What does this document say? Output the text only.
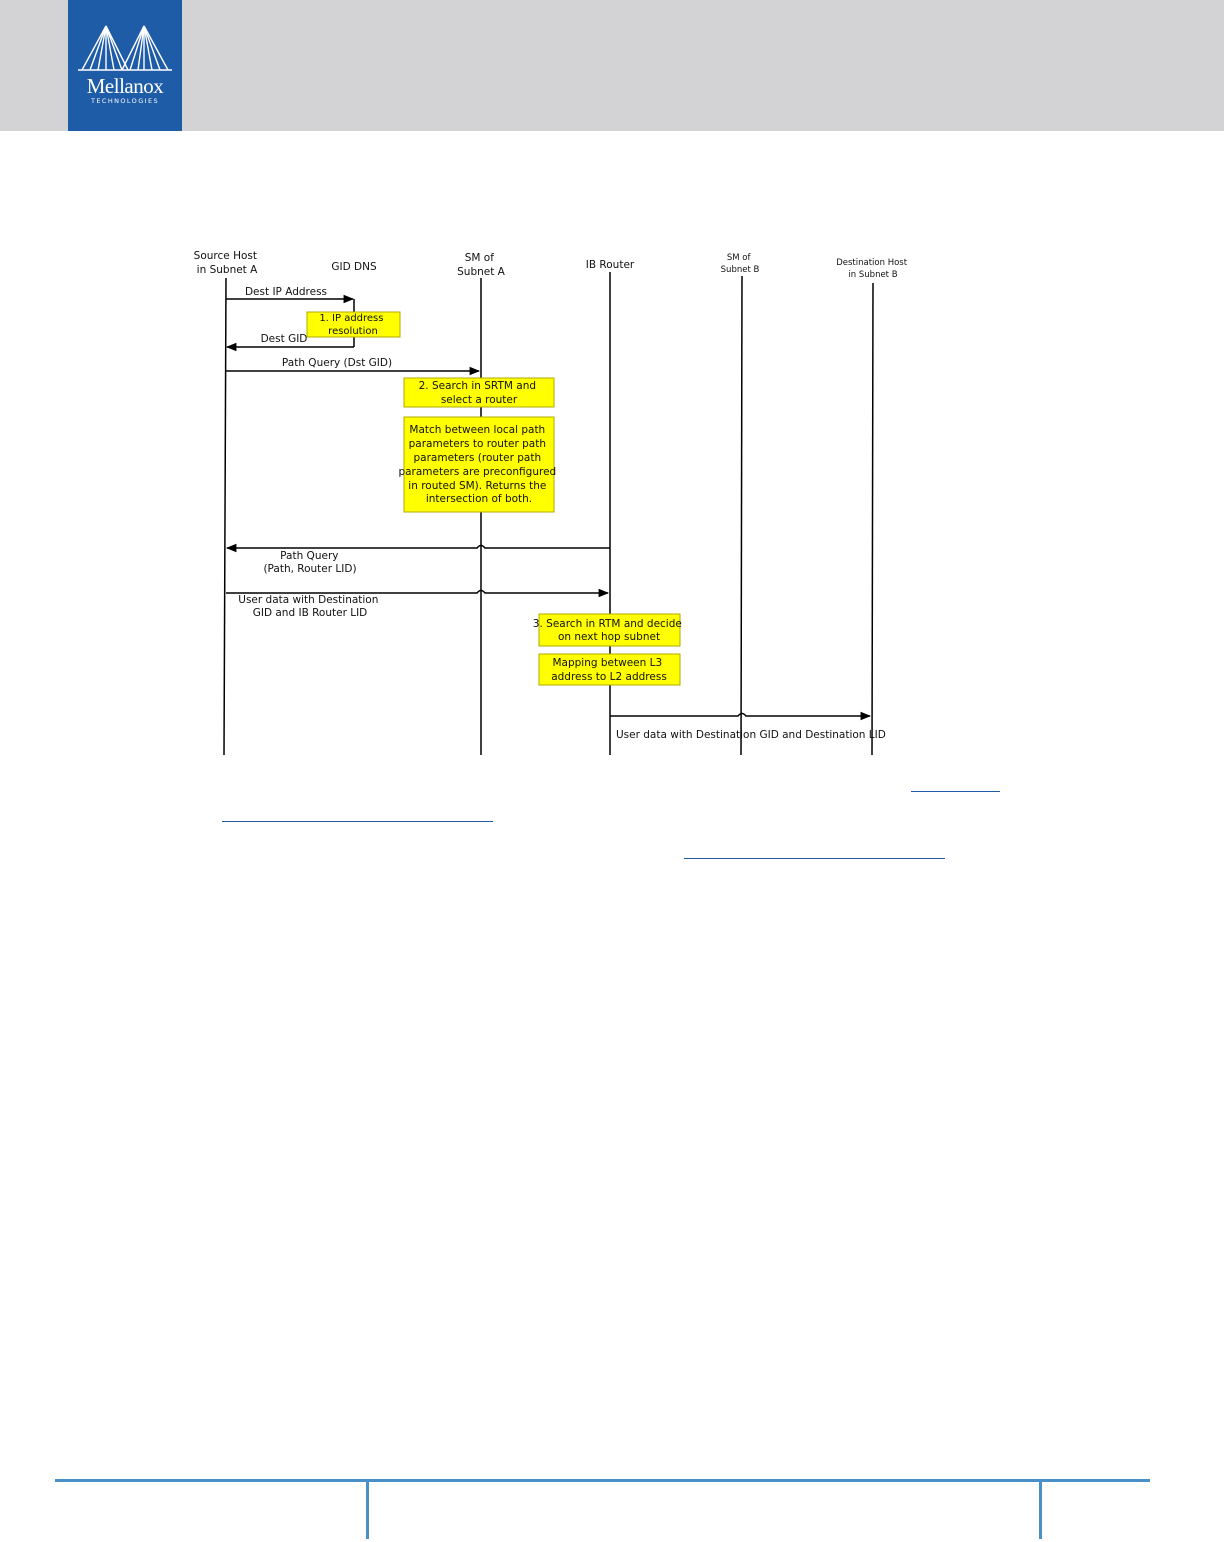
Mellanox
TECHNOLOGIES
Source Host in Subnet A	GID DNS
SM of Subnet A
IB Router
SM of Subnet B
Destination Host in Subnet B
Dest IP Address
Dest GID
Path Query (Dst GID)
Path Query (Path, Router LID)
User data with Destination GID and IB Router LID
User data with Destination GID and Destination LID
1. IP address resolution
2. Search in SRTM and select a router
Match between local path parameters to router path parameters (router path parameters are preconfigured in routed SM). Returns the intersection of both.
3. Search in RTM and decide on next hop subnet
Mapping between L3 address to L2 address
